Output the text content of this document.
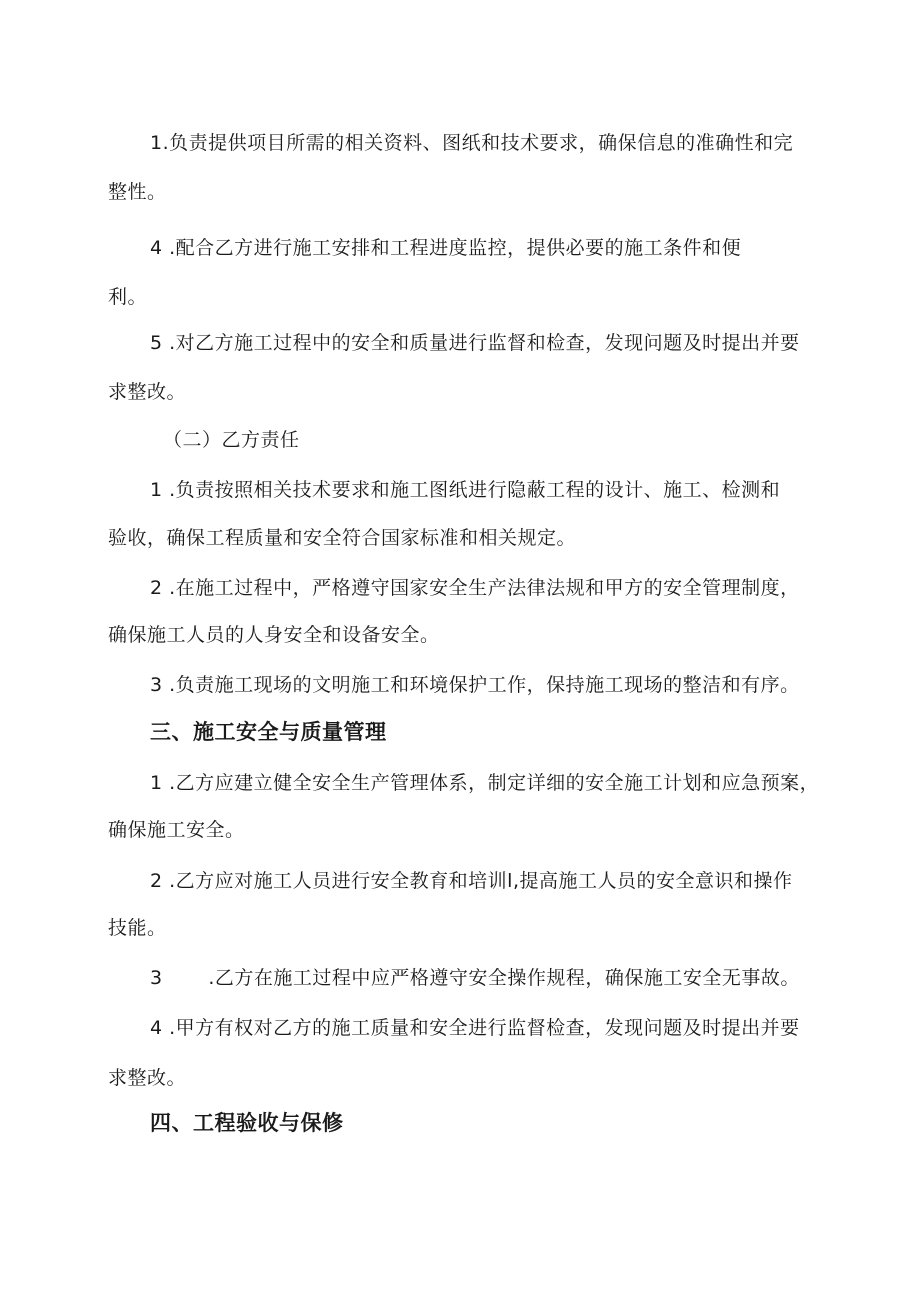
1.负责提供项目所需的相关资料、图纸和技术要求，确保信息的准确性和完
整性。
4 .配合乙方进行施工安排和工程进度监控，提供必要的施工条件和便
利。
5 .对乙方施工过程中的安全和质量进行监督和检查，发现问题及时提出并要
求整改。
（二）乙方责任
1 .负责按照相关技术要求和施工图纸进行隐蔽工程的设计、施工、检测和
验收，确保工程质量和安全符合国家标准和相关规定。
2 .在施工过程中，严格遵守国家安全生产法律法规和甲方的安全管理制度，
确保施工人员的人身安全和设备安全。
3 .负责施工现场的文明施工和环境保护工作，保持施工现场的整洁和有序。
三、施工安全与质量管理
1 .乙方应建立健全安全生产管理体系，制定详细的安全施工计划和应急预案，
确保施工安全。
2 .乙方应对施工人员进行安全教育和培训l,提高施工人员的安全意识和操作
技能。
3       .乙方在施工过程中应严格遵守安全操作规程，确保施工安全无事故。
4 .甲方有权对乙方的施工质量和安全进行监督检查，发现问题及时提出并要
求整改。
四、工程验收与保修
